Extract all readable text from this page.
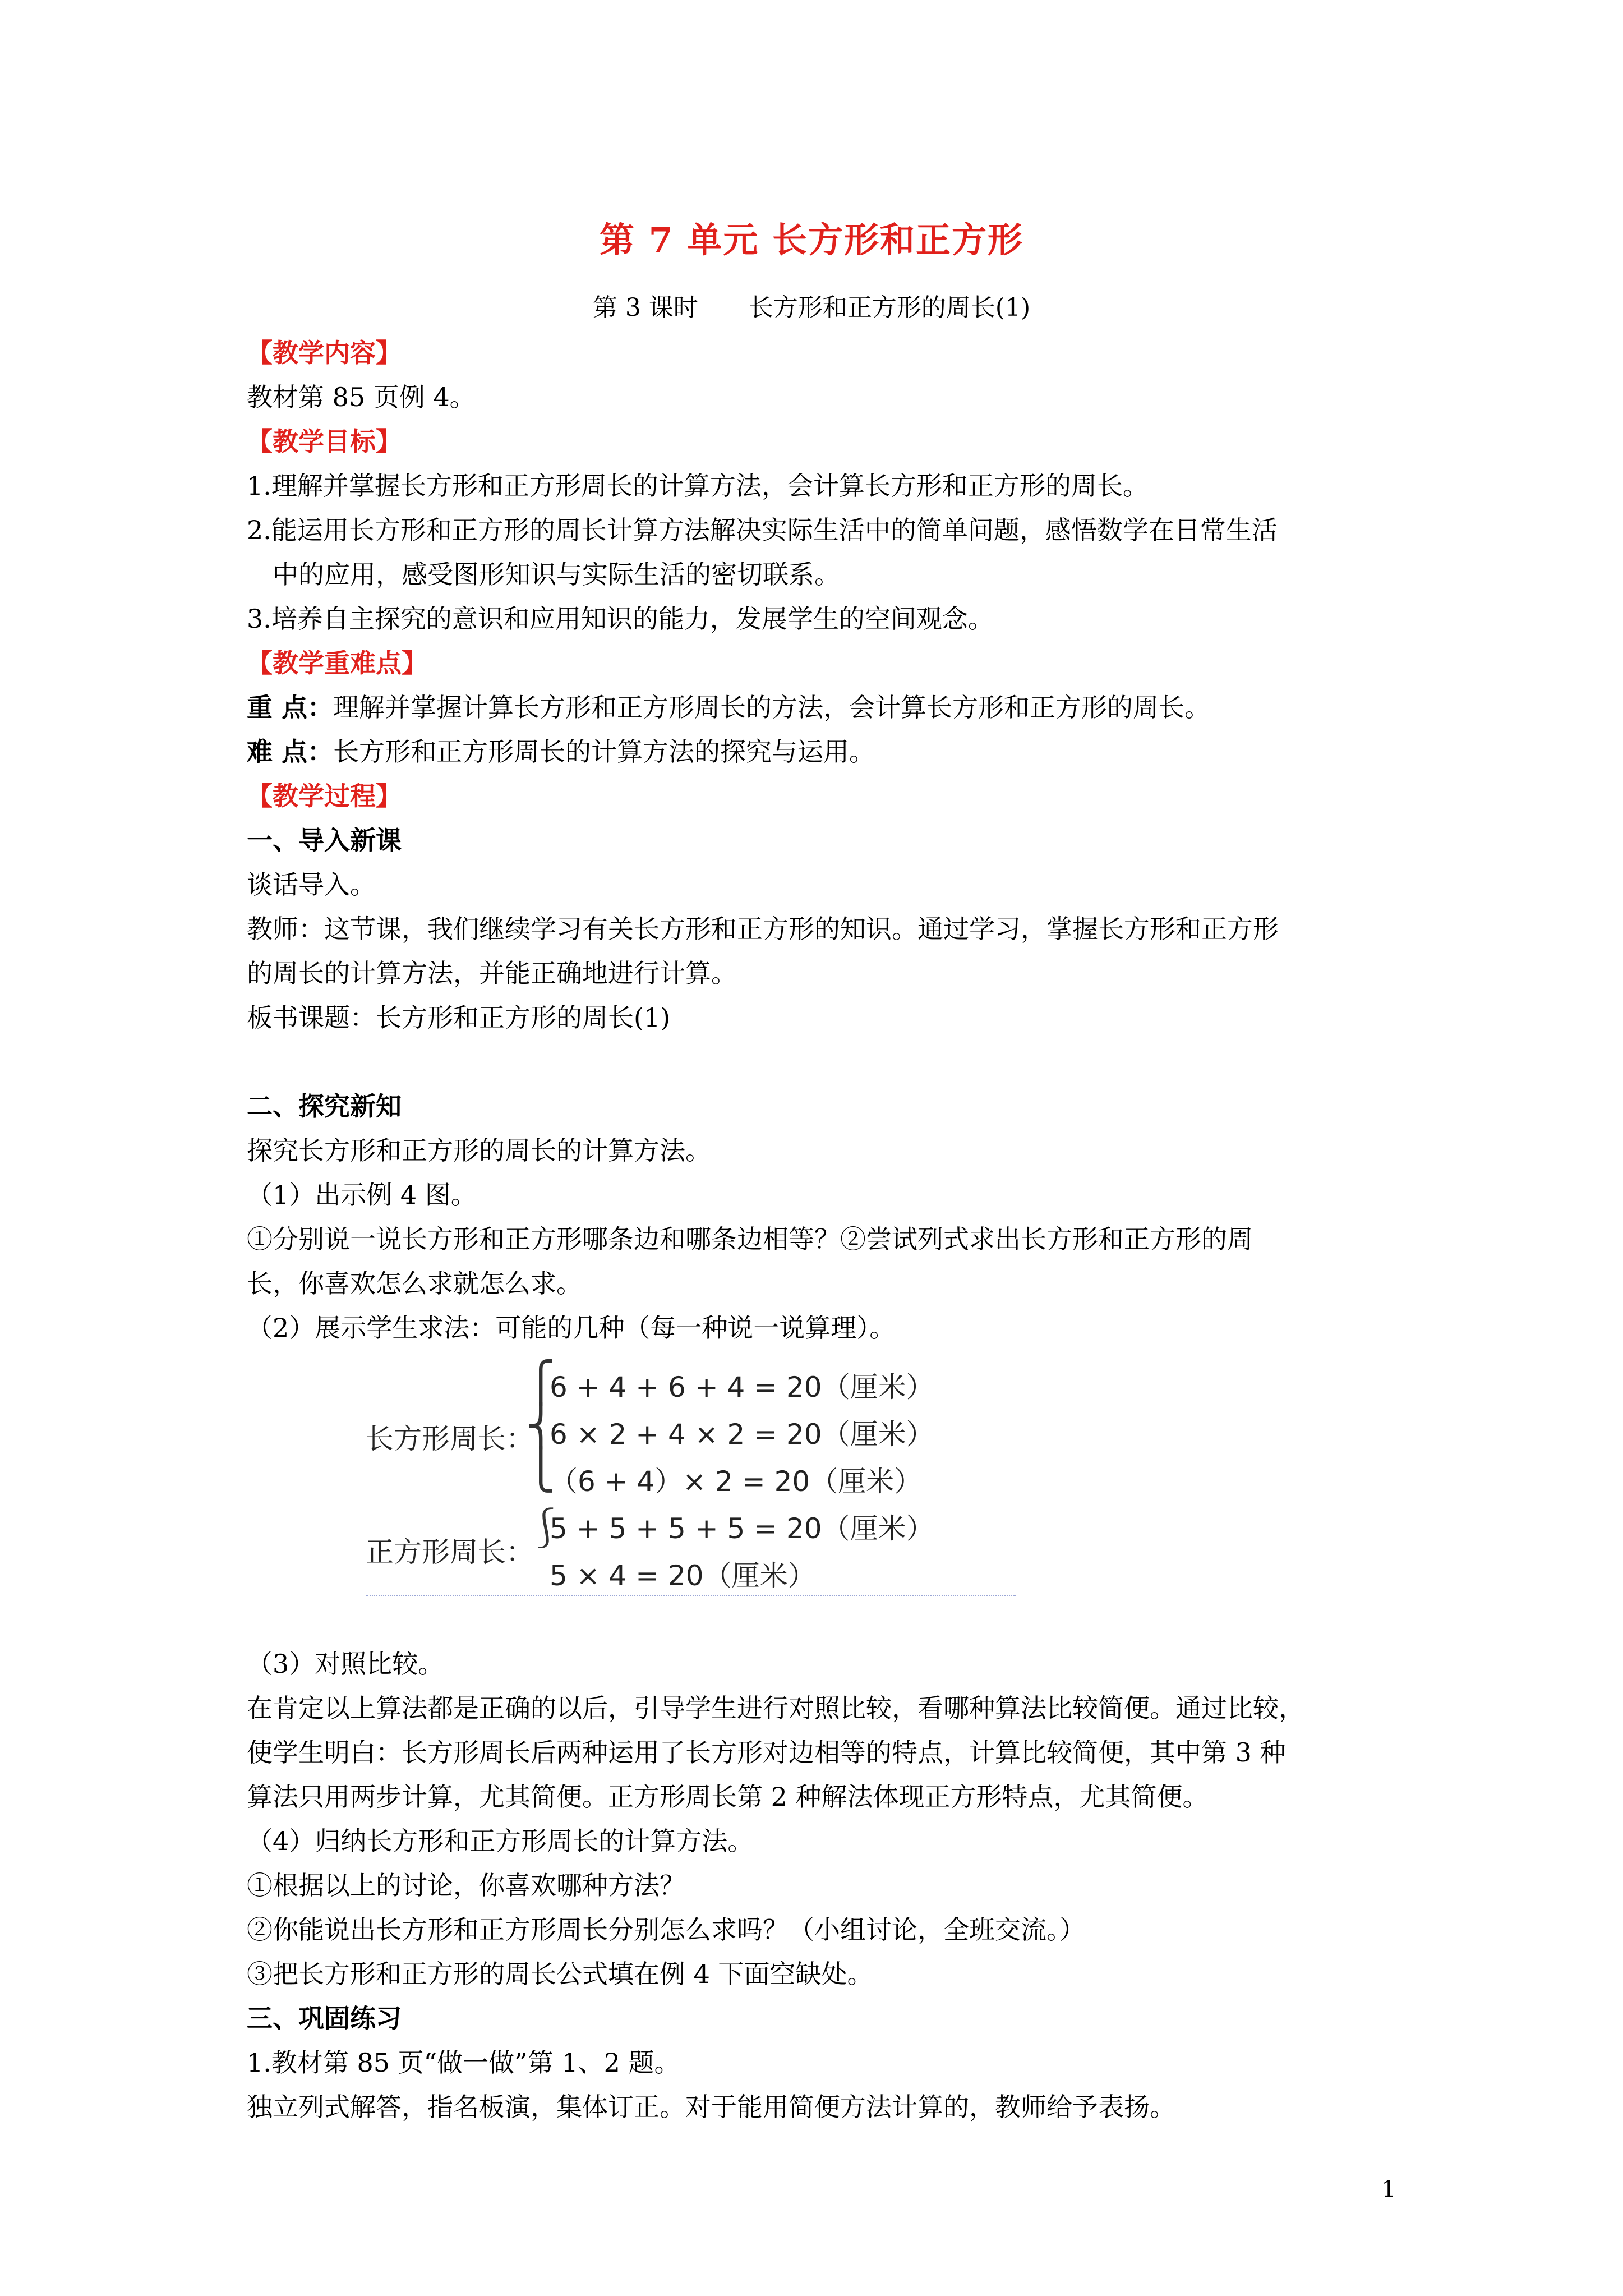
第 7 单元 长方形和正方形
第 3 课时 长方形和正方形的周长(1)
【教学内容】
教材第 85 页例 4。
【教学目标】
1.理解并掌握长方形和正方形周长的计算方法，会计算长方形和正方形的周长。
2.能运用长方形和正方形的周长计算方法解决实际生活中的简单问题，感悟数学在日常生活
中的应用，感受图形知识与实际生活的密切联系。
3.培养自主探究的意识和应用知识的能力，发展学生的空间观念。
【教学重难点】
重 点：理解并掌握计算长方形和正方形周长的方法，会计算长方形和正方形的周长。
难 点：长方形和正方形周长的计算方法的探究与运用。
【教学过程】
一、导入新课
谈话导入。
教师：这节课，我们继续学习有关长方形和正方形的知识。通过学习，掌握长方形和正方形
的周长的计算方法，并能正确地进行计算。
板书课题：长方形和正方形的周长(1)
二、探究新知
探究长方形和正方形的周长的计算方法。
（1）出示例 4 图。
①分别说一说长方形和正方形哪条边和哪条边相等？②尝试列式求出长方形和正方形的周
长，你喜欢怎么求就怎么求。
（2）展示学生求法：可能的几种（每一种说一说算理）。
长方形周长：
⎧
⎨
⎩
6 + 4 + 6 + 4 = 20（厘米）
6 × 2 + 4 × 2 = 20（厘米）
（6 + 4）× 2 = 20（厘米）
正方形周长：
⎰
5 + 5 + 5 + 5 = 20（厘米）
5 × 4 = 20（厘米）
（3）对照比较。
在肯定以上算法都是正确的以后，引导学生进行对照比较，看哪种算法比较简便。通过比较，
使学生明白：长方形周长后两种运用了长方形对边相等的特点，计算比较简便，其中第 3 种
算法只用两步计算，尤其简便。正方形周长第 2 种解法体现正方形特点，尤其简便。
（4）归纳长方形和正方形周长的计算方法。
①根据以上的讨论，你喜欢哪种方法？
②你能说出长方形和正方形周长分别怎么求吗？（小组讨论，全班交流。）
③把长方形和正方形的周长公式填在例 4 下面空缺处。
三、巩固练习
1.教材第 85 页“做一做”第 1、2 题。
独立列式解答，指名板演，集体订正。对于能用简便方法计算的，教师给予表扬。
1
